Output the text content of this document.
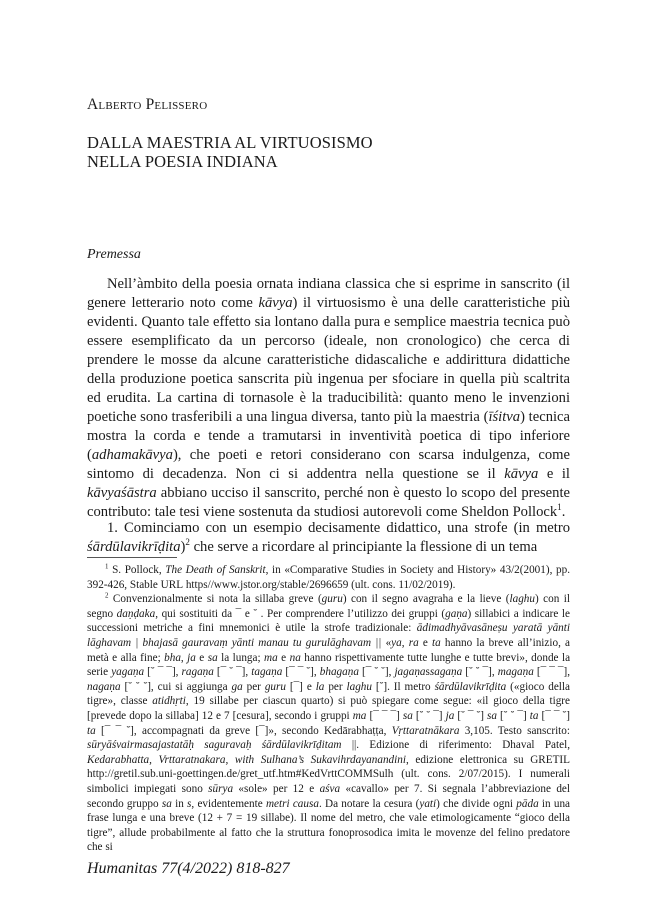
Alberto Pelissero
DALLA MAESTRIA AL VIRTUOSISMO
NELLA POESIA INDIANA
Premessa

Nell’àmbito della poesia ornata indiana classica che si esprime in sanscrito (il genere letterario noto come kāvya) il virtuosismo è una delle caratteristiche più evidenti. Quanto tale effetto sia lontano dalla pura e semplice maestria tecnica può essere esemplificato da un percorso (ideale, non cronologico) che cerca di prendere le mosse da alcune caratteristiche didascaliche e addirittura didattiche della produzione poetica sanscrita più ingenua per sfociare in quella più scaltrita ed erudita. La cartina di tornasole è la traducibilità: quanto meno le invenzioni poetiche sono trasferibili a una lingua diversa, tanto più la maestria (īśitva) tecnica mostra la corda e tende a tramutarsi in inventività poetica di tipo inferiore (adhamakāvya), che poeti e retori considerano con scarsa indulgenza, come sintomo di decadenza. Non ci si addentra nella questione se il kāvya e il kāvyaśāstra abbiano ucciso il sanscrito, perché non è questo lo scopo del presente contributo: tale tesi viene sostenuta da studiosi autorevoli come Sheldon Pollock$^1$.

1. Cominciamo con un esempio decisamente didattico, una strofe (in metro śārdūlavikrīḍita)$^2$ che serve a ricordare al principiante la flessione di un tema

$^1$ S. Pollock, The Death of Sanskrit, in «Comparative Studies in Society and History» 43/2(2001), pp. 392-426, Stable URL https//www.jstor.org/stable/2696659 (ult. cons. 11/02/2019).

$^2$ Convenzionalmente si nota la sillaba greve (guru) con il segno avagraha e la lieve (laghu) con il segno daṇḍaka, qui sostituiti da ¯ e ˘ . Per comprendere l’utilizzo dei gruppi (gaṇa) sillabici a indicare le successioni metriche a fini mnemonici è utile la strofe tradizionale: ādimadhyāvasāneṣu yaratā yānti lāghavam | bhajasā gauravaṃ yānti manau tu gurulāghavam || «ya, ra e ta hanno la breve all’inizio, a metà e alla fine; bha, ja e sa la lunga; ma e na hanno rispettivamente tutte lunghe e tutte brevi», donde la serie yagaṇa [˘ ¯ ¯], ragaṇa [¯ ˘ ¯], tagaṇa [¯ ¯ ˘], bhagaṇa [¯ ˘ ˘], jagaṇassagaṇa [˘ ˘ ¯], magaṇa [¯ ¯ ¯], nagaṇa [˘ ˘ ˘], cui si aggiunga ga per guru [¯] e la per laghu [˘]. Il metro śārdūlavikrīḍita («gioco della tigre», classe atidhṛti, 19 sillabe per ciascun quarto) si può spiegare come segue: «il gioco della tigre [prevede dopo la sillaba] 12 e 7 [cesura], secondo i gruppi ma [¯ ¯ ¯] sa [˘ ˘ ¯] ja [˘ ¯ ˘] sa [˘ ˘ ¯] ta [¯ ¯ ˘] ta [¯ ¯ ˘], accompagnati da greve [¯]», secondo Kedārabhaṭṭa, Vṛttaratnākara 3,105. Testo sanscrito: sūryāśvairmasajastatāḥ saguravaḥ śārdūlavikrīḍitam ||. Edizione di riferimento: Dhaval Patel, Kedarabhatta, Vrttaratnakara, with Sulhana’s Sukavihrdayanandini, edizione elettronica su GRETIL http://gretil.sub.uni-goettingen.de/gret_utf.htm#KedVrttCOMMSulh (ult. cons. 2/07/2015). I numerali simbolici impiegati sono sūrya «sole» per 12 e aśva «cavallo» per 7. Si segnala l’abbreviazione del secondo gruppo sa in s, evidentemente metri causa. Da notare la cesura (yati) che divide ogni pāda in una frase lunga e una breve (12 + 7 = 19 sillabe). Il nome del metro, che vale etimologicamente “gioco della tigre”, allude probabilmente al fatto che la struttura fonoprosodica imita le movenze del felino predatore che si

Humanitas 77(4/2022) 818-827
